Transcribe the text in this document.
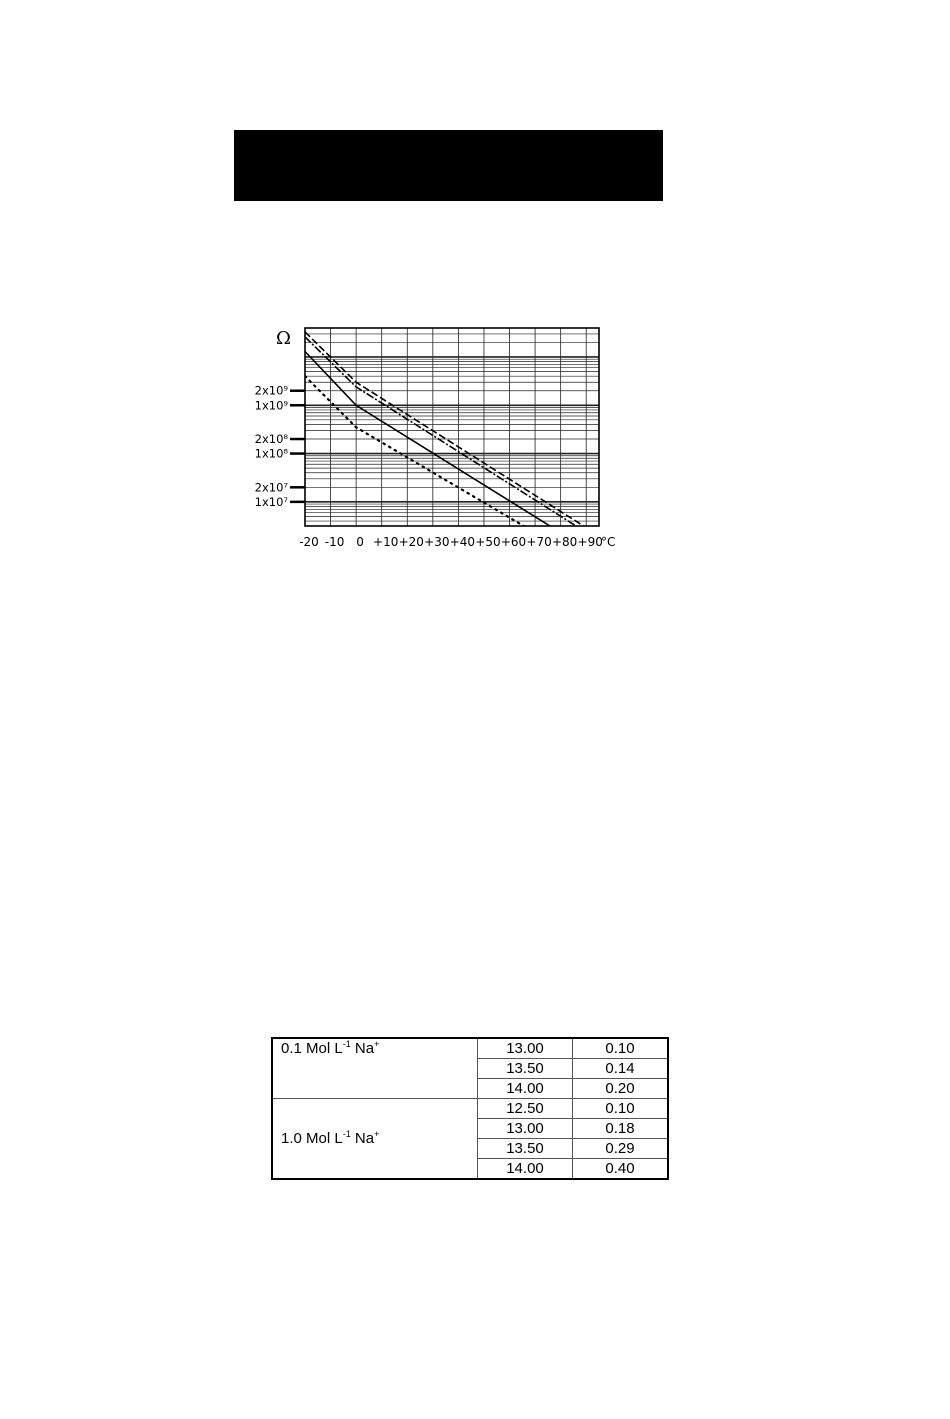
Ω
2x10⁹
1x10⁹
2x10⁸
1x10⁸
2x10⁷
1x10⁷
-20 -10 0 +10 +20 +30 +40 +50 +60 +70 +80 +90
°C
0.1 Mol $L^{-1}$ Na+	13.00	0.10
	13.50	0.14
	14.00	0.20
1.0 Mol $L^{-1}$ Na+	12.50	0.10
	13.00	0.18
	13.50	0.29
	14.00	0.40
